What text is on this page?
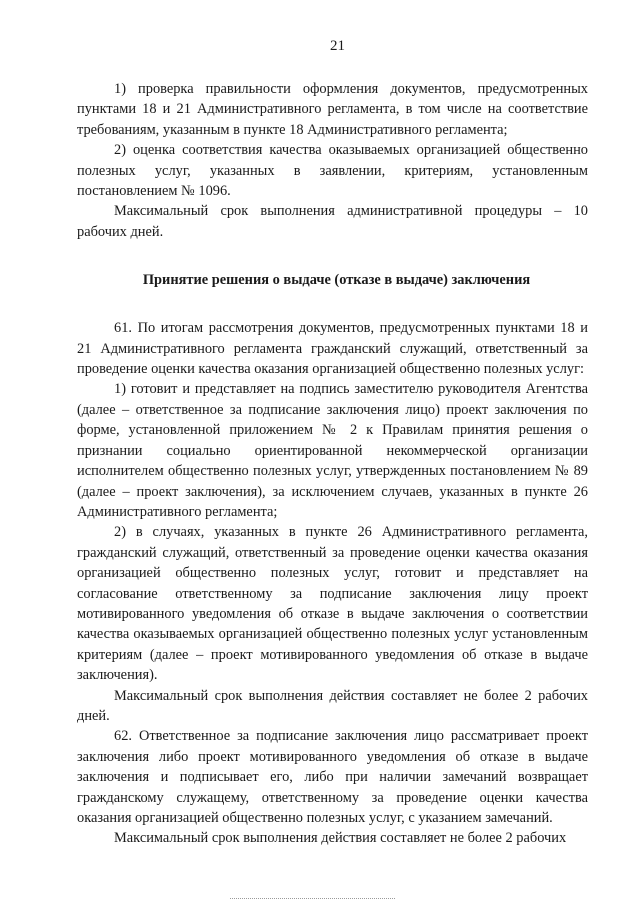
21

1) проверка правильности оформления документов, предусмотренных пунктами 18 и 21 Административного регламента, в том числе на соответствие требованиям, указанным в пункте 18 Административного регламента;

2) оценка соответствия качества оказываемых организацией общественно полезных услуг, указанных в заявлении, критериям, установленным постановлением № 1096.

Максимальный срок выполнения административной процедуры – 10 рабочих дней.

Принятие решения о выдаче (отказе в выдаче) заключения

61. По итогам рассмотрения документов, предусмотренных пунктами 18 и 21 Административного регламента гражданский служащий, ответственный за проведение оценки качества оказания организацией общественно полезных услуг:

1) готовит и представляет на подпись заместителю руководителя Агентства (далее – ответственное за подписание заключения лицо) проект заключения по форме, установленной приложением № 2 к Правилам принятия решения о признании социально ориентированной некоммерческой организации исполнителем общественно полезных услуг, утвержденных постановлением № 89 (далее – проект заключения), за исключением случаев, указанных в пункте 26 Административного регламента;

2) в случаях, указанных в пункте 26 Административного регламента, гражданский служащий, ответственный за проведение оценки качества оказания организацией общественно полезных услуг, готовит и представляет на согласование ответственному за подписание заключения лицу проект мотивированного уведомления об отказе в выдаче заключения о соответствии качества оказываемых организацией общественно полезных услуг установленным критериям (далее – проект мотивированного уведомления об отказе в выдаче заключения).

Максимальный срок выполнения действия составляет не более 2 рабочих дней.

62. Ответственное за подписание заключения лицо рассматривает проект заключения либо проект мотивированного уведомления об отказе в выдаче заключения и подписывает его, либо при наличии замечаний возвращает гражданскому служащему, ответственному за проведение оценки качества оказания организацией общественно полезных услуг, с указанием замечаний.

Максимальный срок выполнения действия составляет не более 2 рабочих
